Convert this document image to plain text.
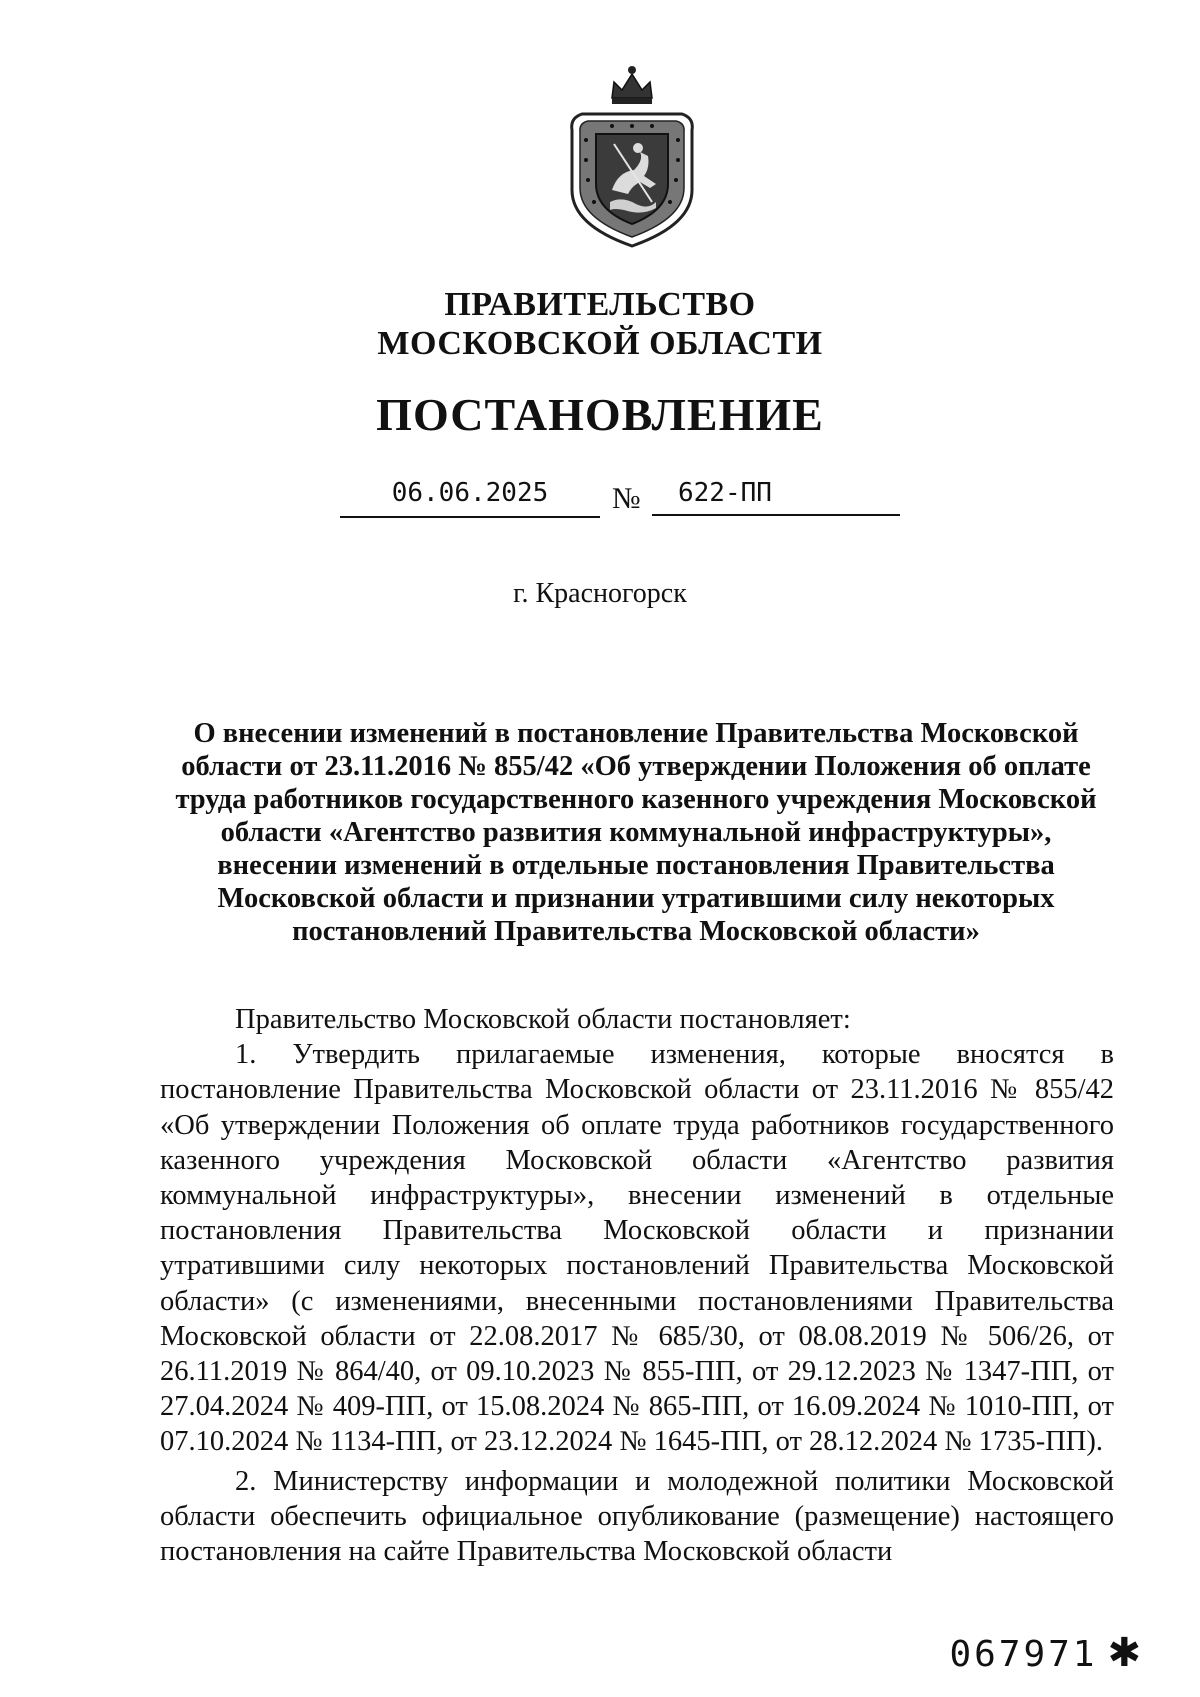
ПРАВИТЕЛЬСТВО
МОСКОВСКОЙ ОБЛАСТИ
ПОСТАНОВЛЕНИЕ
06.06.2025	№	622-ПП
г. Красногорск
О внесении изменений в постановление Правительства Московской области от 23.11.2016 № 855/42 «Об утверждении Положения об оплате труда работников государственного казенного учреждения Московской области «Агентство развития коммунальной инфраструктуры», внесении изменений в отдельные постановления Правительства Московской области и признании утратившими силу некоторых постановлений Правительства Московской области»

Правительство Московской области постановляет:

1. Утвердить прилагаемые изменения, которые вносятся в постановление Правительства Московской области от 23.11.2016 № 855/42 «Об утверждении Положения об оплате труда работников государственного казенного учреждения Московской области «Агентство развития коммунальной инфраструктуры», внесении изменений в отдельные постановления Правительства Московской области и признании утратившими силу некоторых постановлений Правительства Московской области» (с изменениями, внесенными постановлениями Правительства Московской области от 22.08.2017 № 685/30, от 08.08.2019 № 506/26, от 26.11.2019 № 864/40, от 09.10.2023 № 855-ПП, от 29.12.2023 № 1347-ПП, от 27.04.2024 № 409-ПП, от 15.08.2024 № 865-ПП, от 16.09.2024 № 1010-ПП, от 07.10.2024 № 1134-ПП, от 23.12.2024 № 1645-ПП, от 28.12.2024 № 1735-ПП).

2. Министерству информации и молодежной политики Московской области обеспечить официальное опубликование (размещение) настоящего постановления на сайте Правительства Московской области

067971 ✱
